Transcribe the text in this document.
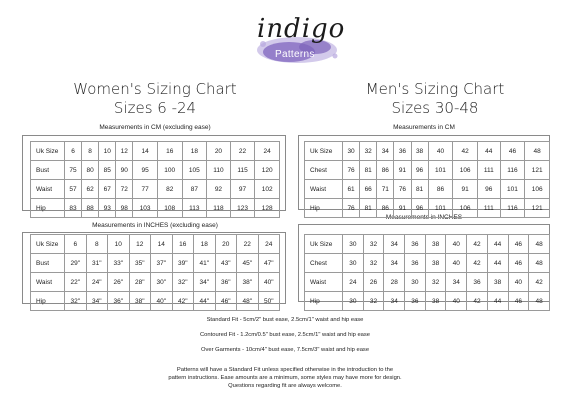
indigo
Patterns
Women's Sizing Chart
Sizes 6 -24
Men's Sizing Chart
Sizes 30-48
Measurements in CM (excluding ease)	Measurements in CM
Measurements in INCHES (excluding ease)
Measurements in INCHES
Uk Size	6	8	10	12	14	16	18	20	22	24
Bust	75	80	85	90	95	100	105	110	115	120
Waist	57	62	67	72	77	82	87	92	97	102
Hip	83	88	93	98	103	108	113	118	123	128
Uk Size	6	8	10	12	14	16	18	20	22	24
Bust	29"	31"	33"	35"	37"	39"	41"	43"	45"	47"
Waist	22"	24"	26"	28"	30"	32"	34"	36"	38"	40"
Hip	32"	34"	36"	38"	40"	42"	44"	46"	48"	50"
Uk Size	30	32	34	36	38	40	42	44	46	48
Chest	76	81	86	91	96	101	106	111	116	121
Waist	61	66	71	76	81	86	91	96	101	106
Hip	76	81	86	91	96	101	106	111	116	121
Uk Size	30	32	34	36	38	40	42	44	46	48
Chest	30	32	34	36	38	40	42	44	46	48
Waist	24	26	28	30	32	34	36	38	40	42
Hip	30	32	34	36	38	40	42	44	46	48
Standard Fit - 5cm/2" bust ease, 2.5cm/1" waist and hip ease
Contoured Fit - 1.2cm/0.5" bust ease, 2.5cm/1" waist and hip ease
Over Garments - 10cm/4" bust ease, 7.5cm/3" waist and hip ease
Patterns will have a Standard Fit unless specified otherwise in the introduction to the
pattern instructions. Ease amounts are a minimum, some styles may have more for design.
Questions regarding fit are always welcome.
